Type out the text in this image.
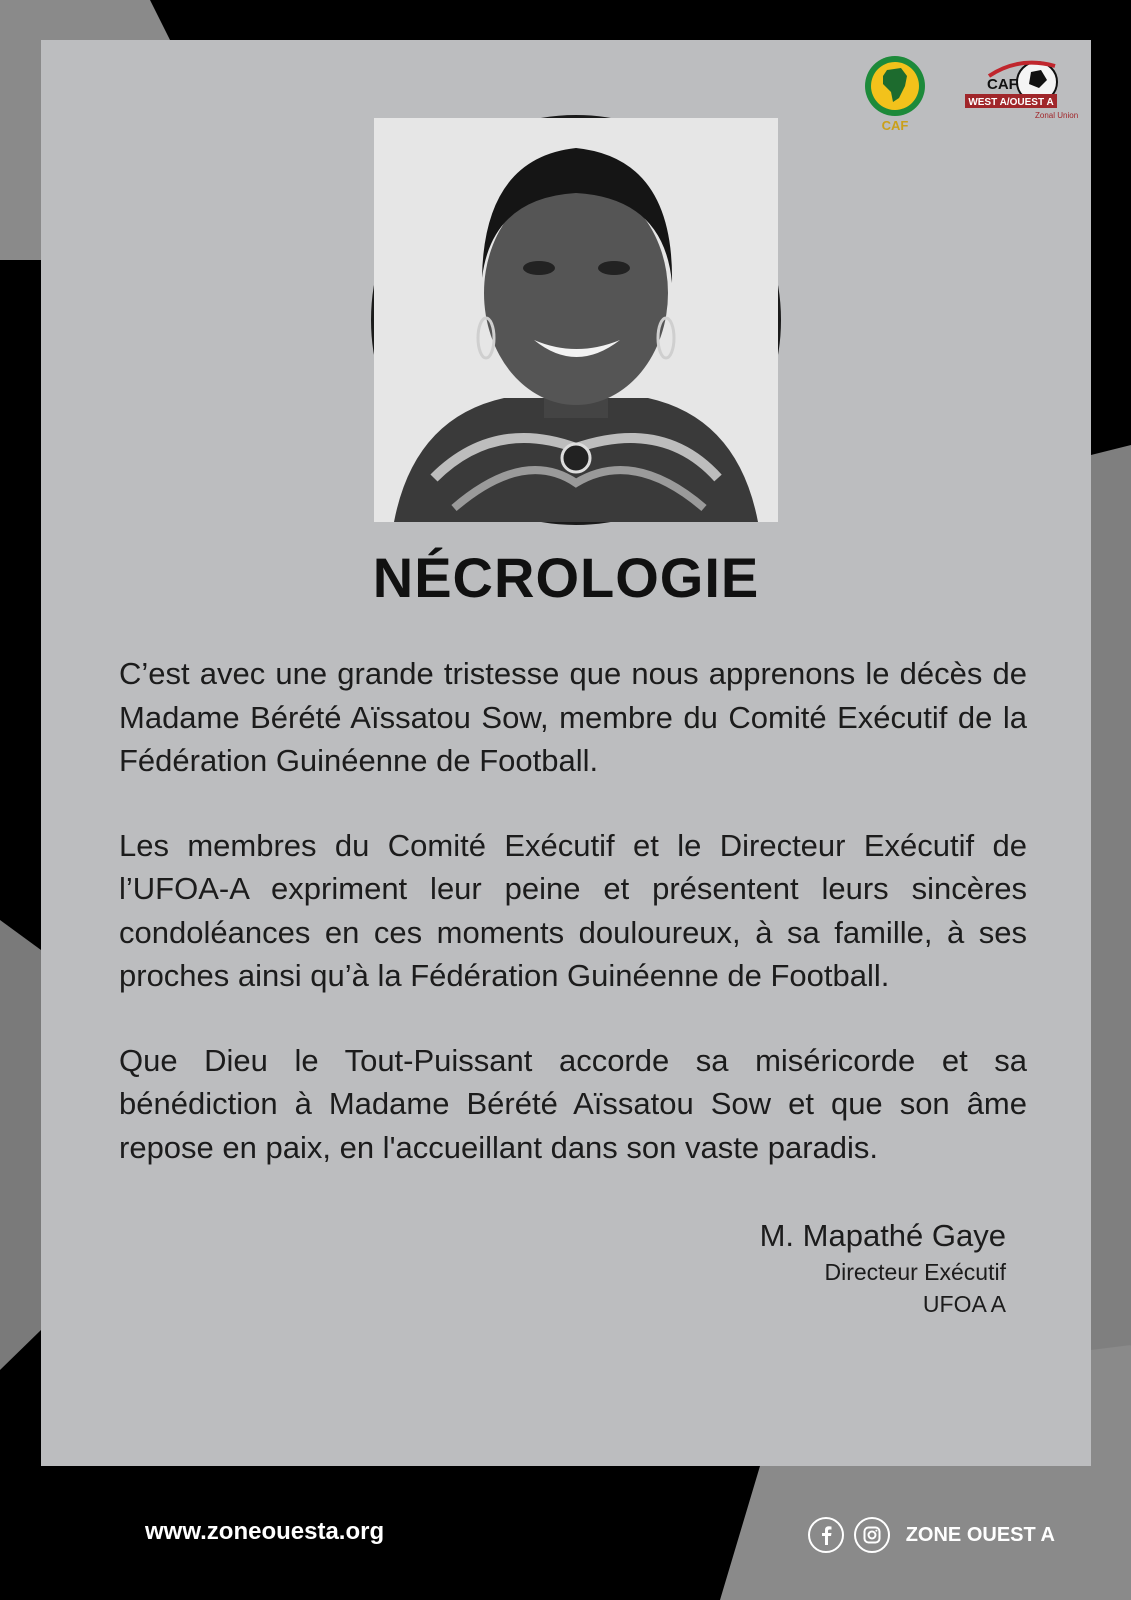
CAF
CAF
WEST A/OUEST A
Zonal Union
NÉCROLOGIE

C’est avec une grande tristesse que nous apprenons le décès de Madame Bérété Aïssatou Sow, membre du Comité Exécutif de la Fédération Guinéenne de Football.

Les membres du Comité Exécutif et le Directeur Exécutif de l’UFOA-A expriment leur peine et présentent leurs sincères condoléances en ces moments douloureux, à sa famille, à ses proches ainsi qu’à la Fédération Guinéenne de Football.

Que Dieu le Tout-Puissant accorde sa miséricorde et sa bénédiction à Madame Bérété Aïssatou Sow et que son âme repose en paix, en l'accueillant dans son vaste paradis.

M. Mapathé Gaye
Directeur Exécutif
UFOA A
www.zoneouesta.org	ZONE OUEST A
